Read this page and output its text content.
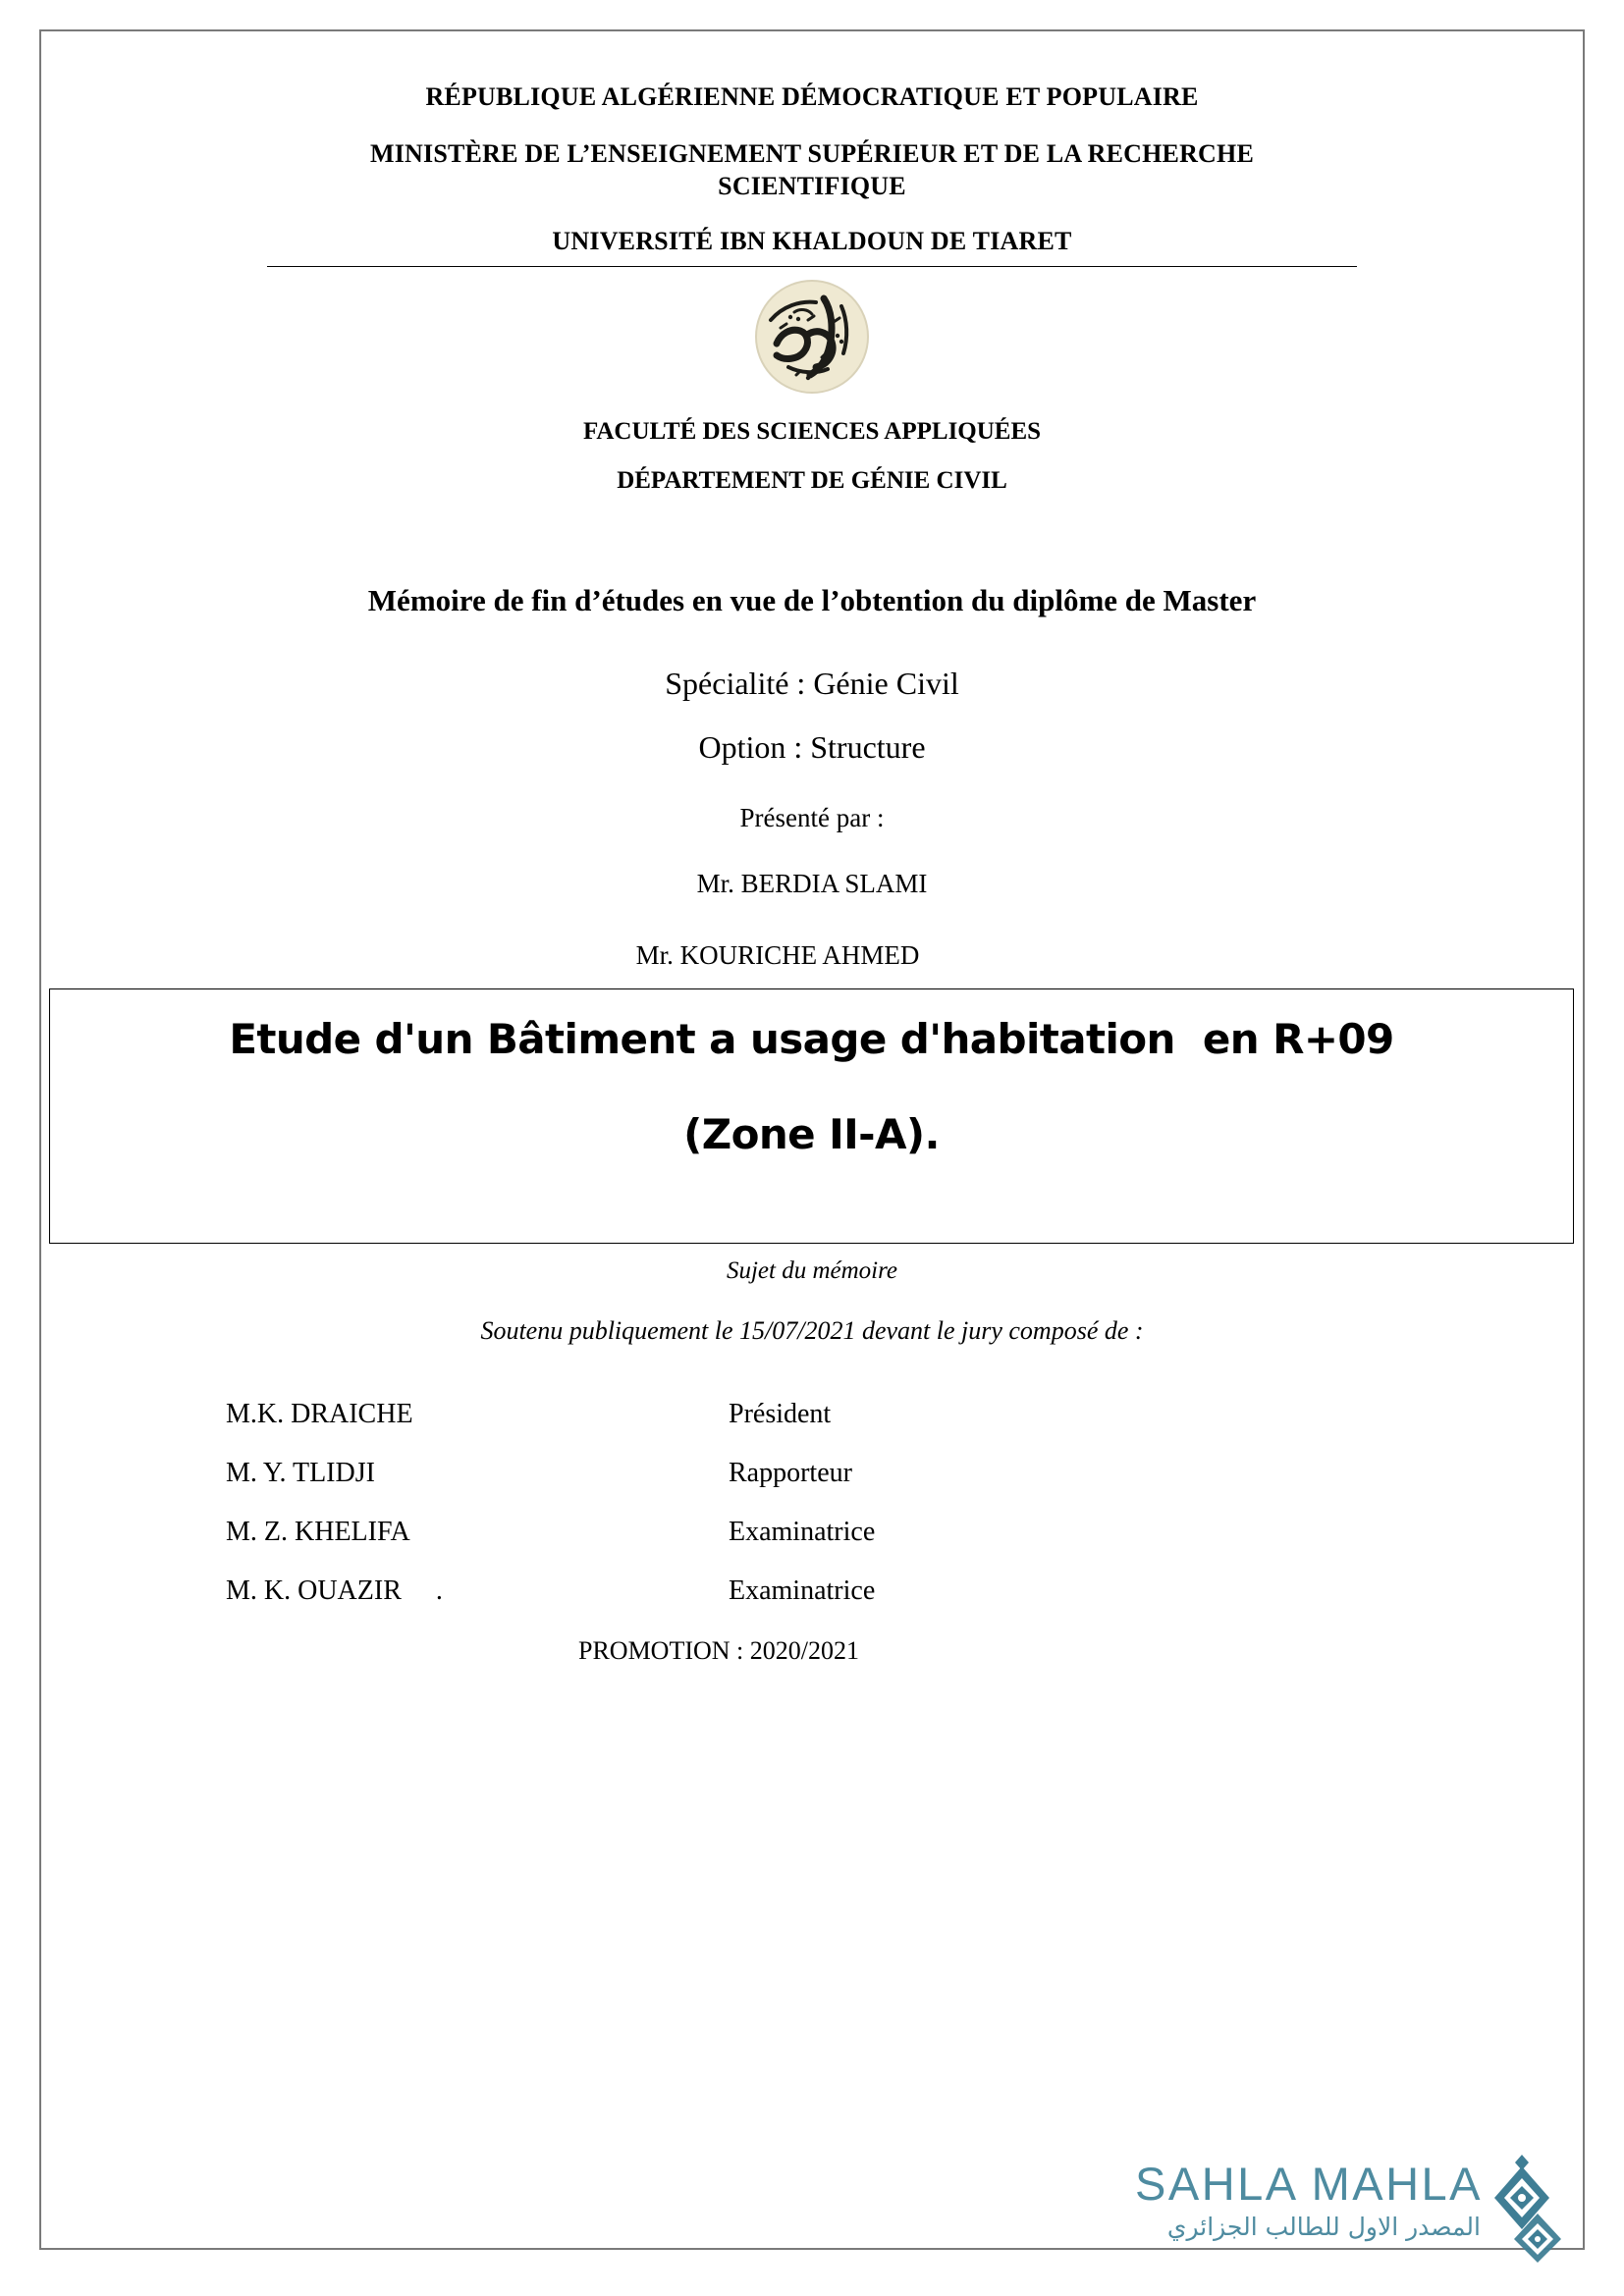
RÉPUBLIQUE ALGÉRIENNE DÉMOCRATIQUE ET POPULAIRE
MINISTÈRE DE L’ENSEIGNEMENT SUPÉRIEUR ET DE LA RECHERCHE SCIENTIFIQUE
UNIVERSITÉ IBN KHALDOUN DE TIARET
FACULTÉ DES SCIENCES APPLIQUÉES
DÉPARTEMENT DE GÉNIE CIVIL
Mémoire de fin d’études en vue de l’obtention du diplôme de Master
Spécialité : Génie Civil
Option : Structure
Présenté par :
Mr. BERDIA SLAMI
Mr. KOURICHE AHMED
Etude d'un Bâtiment a usage d'habitation  en R+09
(Zone II-A).
Sujet du mémoire
Soutenu publiquement le 15/07/2021 devant le jury composé de :
M.K. DRAICHE	Président
M. Y. TLIDJI	Rapporteur
M. Z. KHELIFA	Examinatrice
M. K. OUAZIR     .	Examinatrice
PROMOTION : 2020/2021
SAHLA MAHLA
المصدر الاول للطالب الجزائري
